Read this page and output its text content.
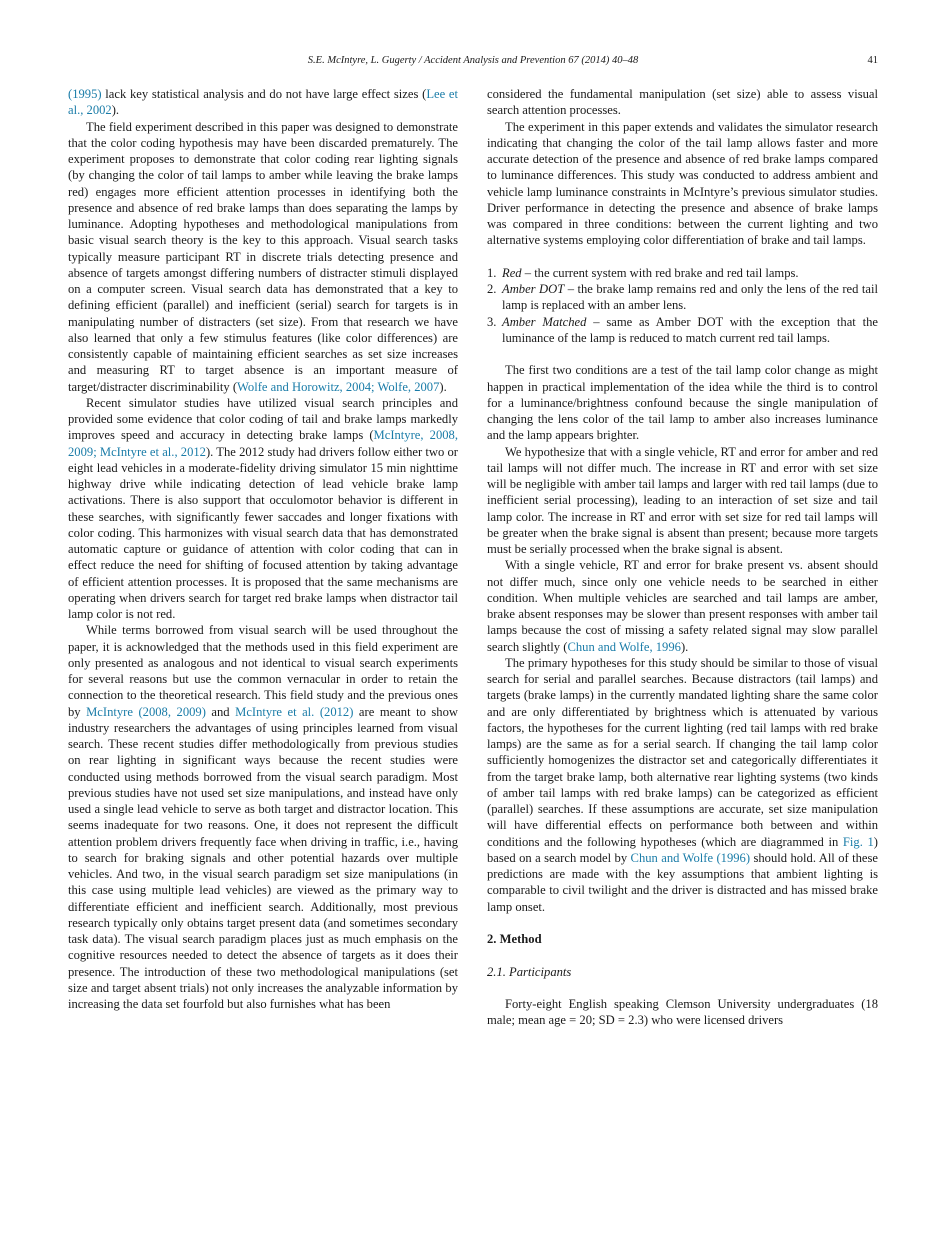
S.E. McIntyre, L. Gugerty / Accident Analysis and Prevention 67 (2014) 40–48	41

(1995) lack key statistical analysis and do not have large effect sizes (Lee et al., 2002).

The field experiment described in this paper was designed to demonstrate that the color coding hypothesis may have been discarded prematurely. The experiment proposes to demonstrate that color coding rear lighting signals (by changing the color of tail lamps to amber while leaving the brake lamps red) engages more efficient attention processes in identifying both the presence and absence of red brake lamps than does separating the lamps by luminance. Adopting hypotheses and methodological manipulations from basic visual search theory is the key to this approach. Visual search tasks typically measure participant RT in discrete trials detecting presence and absence of targets amongst differing numbers of distracter stimuli displayed on a computer screen. Visual search data has demonstrated that a key to defining efficient (parallel) and inefficient (serial) search for targets is in manipulating number of distracters (set size). From that research we have also learned that only a few stimulus features (like color differences) are consistently capable of maintaining efficient searches as set size increases and measuring RT to target absence is an important measure of target/distracter discriminability (Wolfe and Horowitz, 2004; Wolfe, 2007).

Recent simulator studies have utilized visual search principles and provided some evidence that color coding of tail and brake lamps markedly improves speed and accuracy in detecting brake lamps (McIntyre, 2008, 2009; McIntyre et al., 2012). The 2012 study had drivers follow either two or eight lead vehicles in a moderate-fidelity driving simulator 15 min nighttime highway drive while indicating detection of lead vehicle brake lamp activations. There is also support that occulomotor behavior is different in these searches, with significantly fewer saccades and longer fixations with color coding. This harmonizes with visual search data that has demonstrated automatic capture or guidance of attention with color coding that can in effect reduce the need for shifting of focused attention by taking advantage of efficient attention processes. It is proposed that the same mechanisms are operating when drivers search for target red brake lamps when distractor tail lamp color is not red.

While terms borrowed from visual search will be used throughout the paper, it is acknowledged that the methods used in this field experiment are only presented as analogous and not identical to visual search experiments for several reasons but use the common vernacular in order to retain the connection to the theoretical research. This field study and the previous ones by McIntyre (2008, 2009) and McIntyre et al. (2012) are meant to show industry researchers the advantages of using principles learned from visual search. These recent studies differ methodologically from previous studies on rear lighting in significant ways because the recent studies were conducted using methods borrowed from the visual search paradigm. Most previous studies have not used set size manipulations, and instead have only used a single lead vehicle to serve as both target and distractor location. This seems inadequate for two reasons. One, it does not represent the difficult attention problem drivers frequently face when driving in traffic, i.e., having to search for braking signals and other potential hazards over multiple vehicles. And two, in the visual search paradigm set size manipulations (in this case using multiple lead vehicles) are viewed as the primary way to differentiate efficient and inefficient search. Additionally, most previous research typically only obtains target present data (and sometimes secondary task data). The visual search paradigm places just as much emphasis on the cognitive resources needed to detect the absence of targets as it does their presence. The introduction of these two methodological manipulations (set size and target absent trials) not only increases the analyzable information by increasing the data set fourfold but also furnishes what has been

considered the fundamental manipulation (set size) able to assess visual search attention processes.

The experiment in this paper extends and validates the simulator research indicating that changing the color of the tail lamp allows faster and more accurate detection of the presence and absence of red brake lamps compared to luminance differences. This study was conducted to address ambient and vehicle lamp luminance constraints in McIntyre’s previous simulator studies. Driver performance in detecting the presence and absence of brake lamps was compared in three conditions: between the current lighting and two alternative systems employing color differentiation of brake and tail lamps.

1. Red – the current system with red brake and red tail lamps.
2. Amber DOT – the brake lamp remains red and only the lens of the red tail lamp is replaced with an amber lens.
3. Amber Matched – same as Amber DOT with the exception that the luminance of the lamp is reduced to match current red tail lamps.

The first two conditions are a test of the tail lamp color change as might happen in practical implementation of the idea while the third is to control for a luminance/brightness confound because the single manipulation of changing the lens color of the tail lamp to amber also increases luminance and the lamp appears brighter.

We hypothesize that with a single vehicle, RT and error for amber and red tail lamps will not differ much. The increase in RT and error with set size will be negligible with amber tail lamps and larger with red tail lamps (due to inefficient serial processing), leading to an interaction of set size and tail lamp color. The increase in RT and error with set size for red tail lamps will be greater when the brake signal is absent than present; because more targets must be serially processed when the brake signal is absent.

With a single vehicle, RT and error for brake present vs. absent should not differ much, since only one vehicle needs to be searched in either condition. When multiple vehicles are searched and tail lamps are amber, brake absent responses may be slower than present responses with amber tail lamps because the cost of missing a safety related signal may slow parallel search slightly (Chun and Wolfe, 1996).

The primary hypotheses for this study should be similar to those of visual search for serial and parallel searches. Because distractors (tail lamps) and targets (brake lamps) in the currently mandated lighting share the same color and are only differentiated by brightness which is attenuated by various factors, the hypotheses for the current lighting (red tail lamps with red brake lamps) are the same as for a serial search. If changing the tail lamp color sufficiently homogenizes the distractor set and categorically differentiates it from the target brake lamp, both alternative rear lighting systems (two kinds of amber tail lamps with red brake lamps) can be categorized as efficient (parallel) searches. If these assumptions are accurate, set size manipulation will have differential effects on performance both between and within conditions and the following hypotheses (which are diagrammed in Fig. 1) based on a search model by Chun and Wolfe (1996) should hold. All of these predictions are made with the key assumptions that ambient lighting is comparable to civil twilight and the driver is distracted and has missed brake lamp onset.

2. Method
2.1. Participants

Forty-eight English speaking Clemson University undergraduates (18 male; mean age = 20; SD = 2.3) who were licensed drivers
